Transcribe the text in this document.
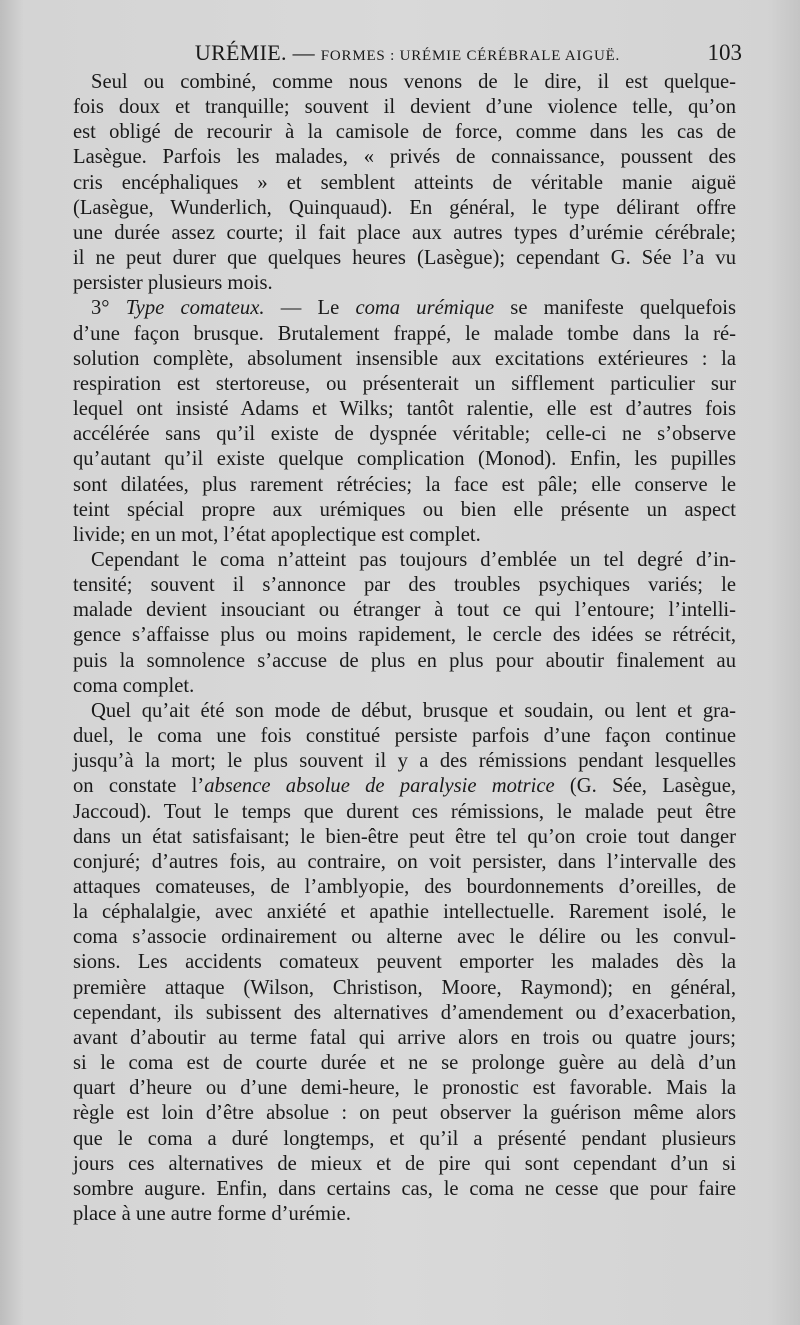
URÉMIE. — FORMES : URÉMIE CÉRÉBRALE AIGUË.	103
Seul ou combiné, comme nous venons de le dire, il est quelque-
fois doux et tranquille; souvent il devient d’une violence telle, qu’on
est obligé de recourir à la camisole de force, comme dans les cas de
Lasègue. Parfois les malades, « privés de connaissance, poussent des
cris encéphaliques » et semblent atteints de véritable manie aiguë
(Lasègue, Wunderlich, Quinquaud). En général, le type délirant offre
une durée assez courte; il fait place aux autres types d’urémie cérébrale;
il ne peut durer que quelques heures (Lasègue); cependant G. Sée l’a vu
persister plusieurs mois.
3° Type comateux. — Le coma urémique se manifeste quelquefois
d’une façon brusque. Brutalement frappé, le malade tombe dans la ré-
solution complète, absolument insensible aux excitations extérieures : la
respiration est stertoreuse, ou présenterait un sifflement particulier sur
lequel ont insisté Adams et Wilks; tantôt ralentie, elle est d’autres fois
accélérée sans qu’il existe de dyspnée véritable; celle-ci ne s’observe
qu’autant qu’il existe quelque complication (Monod). Enfin, les pupilles
sont dilatées, plus rarement rétrécies; la face est pâle; elle conserve le
teint spécial propre aux urémiques ou bien elle présente un aspect
livide; en un mot, l’état apoplectique est complet.
Cependant le coma n’atteint pas toujours d’emblée un tel degré d’in-
tensité; souvent il s’annonce par des troubles psychiques variés; le
malade devient insouciant ou étranger à tout ce qui l’entoure; l’intelli-
gence s’affaisse plus ou moins rapidement, le cercle des idées se rétrécit,
puis la somnolence s’accuse de plus en plus pour aboutir finalement au
coma complet.
Quel qu’ait été son mode de début, brusque et soudain, ou lent et gra-
duel, le coma une fois constitué persiste parfois d’une façon continue
jusqu’à la mort; le plus souvent il y a des rémissions pendant lesquelles
on constate l’absence absolue de paralysie motrice (G. Sée, Lasègue,
Jaccoud). Tout le temps que durent ces rémissions, le malade peut être
dans un état satisfaisant; le bien-être peut être tel qu’on croie tout danger
conjuré; d’autres fois, au contraire, on voit persister, dans l’intervalle des
attaques comateuses, de l’amblyopie, des bourdonnements d’oreilles, de
la céphalalgie, avec anxiété et apathie intellectuelle. Rarement isolé, le
coma s’associe ordinairement ou alterne avec le délire ou les convul-
sions. Les accidents comateux peuvent emporter les malades dès la
première attaque (Wilson, Christison, Moore, Raymond); en général,
cependant, ils subissent des alternatives d’amendement ou d’exacerbation,
avant d’aboutir au terme fatal qui arrive alors en trois ou quatre jours;
si le coma est de courte durée et ne se prolonge guère au delà d’un
quart d’heure ou d’une demi-heure, le pronostic est favorable. Mais la
règle est loin d’être absolue : on peut observer la guérison même alors
que le coma a duré longtemps, et qu’il a présenté pendant plusieurs
jours ces alternatives de mieux et de pire qui sont cependant d’un si
sombre augure. Enfin, dans certains cas, le coma ne cesse que pour faire
place à une autre forme d’urémie.
